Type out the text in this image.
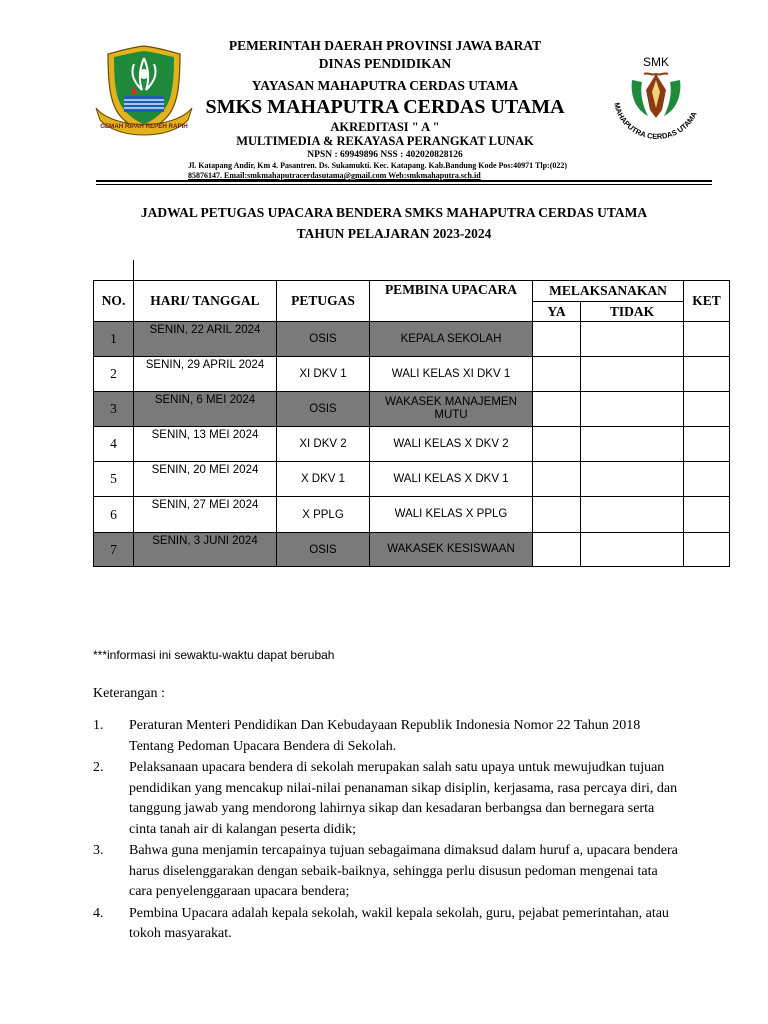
GEMAH RIPAH REPEH RAPIH
SMK
MAHAPUTRA CERDAS UTAMA
PEMERINTAH DAERAH PROVINSI JAWA BARAT
DINAS PENDIDIKAN
YAYASAN MAHAPUTRA CERDAS UTAMA
SMKS MAHAPUTRA CERDAS UTAMA
AKREDITASI " A "
MULTIMEDIA & REKAYASA PERANGKAT LUNAK
NPSN : 69949896 NSS : 402020828126
Jl. Katapang Andir, Km 4. Pasantren. Ds. Sukamukti. Kec. Katapang. Kab.Bandung Kode Pos:40971 Tlp:(022)
85876147. Email:smkmahaputracerdasutama@gmail.com Web:smkmahaputra.sch.id
JADWAL PETUGAS UPACARA BENDERA SMKS MAHAPUTRA CERDAS UTAMA
TAHUN PELAJARAN 2023-2024
NO.	HARI/ TANGGAL	PETUGAS	PEMBINA UPACARA	MELAKSANAKAN		KET
				YA	TIDAK	
1	SENIN, 22 ARIL 2024	OSIS	KEPALA SEKOLAH			
2	SENIN, 29 APRIL 2024	XI DKV 1	WALI KELAS XI DKV 1			
3	SENIN, 6 MEI 2024	OSIS	WAKASEK MANAJEMEN MUTU			
4	SENIN, 13 MEI 2024	XI DKV 2	WALI KELAS X DKV 2			
5	SENIN, 20 MEI 2024	X DKV 1	WALI KELAS X DKV 1			
6	SENIN, 27 MEI 2024	X PPLG	WALI KELAS X PPLG			
7	SENIN, 3 JUNI 2024	OSIS	WAKASEK KESISWAAN			
***informasi ini sewaktu-waktu dapat berubah
Keterangan :
1. Peraturan Menteri Pendidikan Dan Kebudayaan Republik Indonesia Nomor 22 Tahun 2018 Tentang Pedoman Upacara Bendera di Sekolah.
2. Pelaksanaan upacara bendera di sekolah merupakan salah satu upaya untuk mewujudkan tujuan pendidikan yang mencakup nilai-nilai penanaman sikap disiplin, kerjasama, rasa percaya diri, dan tanggung jawab yang mendorong lahirnya sikap dan kesadaran berbangsa dan bernegara serta cinta tanah air di kalangan peserta didik;
3. Bahwa guna menjamin tercapainya tujuan sebagaimana dimaksud dalam huruf a, upacara bendera harus diselenggarakan dengan sebaik-baiknya, sehingga perlu disusun pedoman mengenai tata cara penyelenggaraan upacara bendera;
4. Pembina Upacara adalah kepala sekolah, wakil kepala sekolah, guru, pejabat pemerintahan, atau tokoh masyarakat.
